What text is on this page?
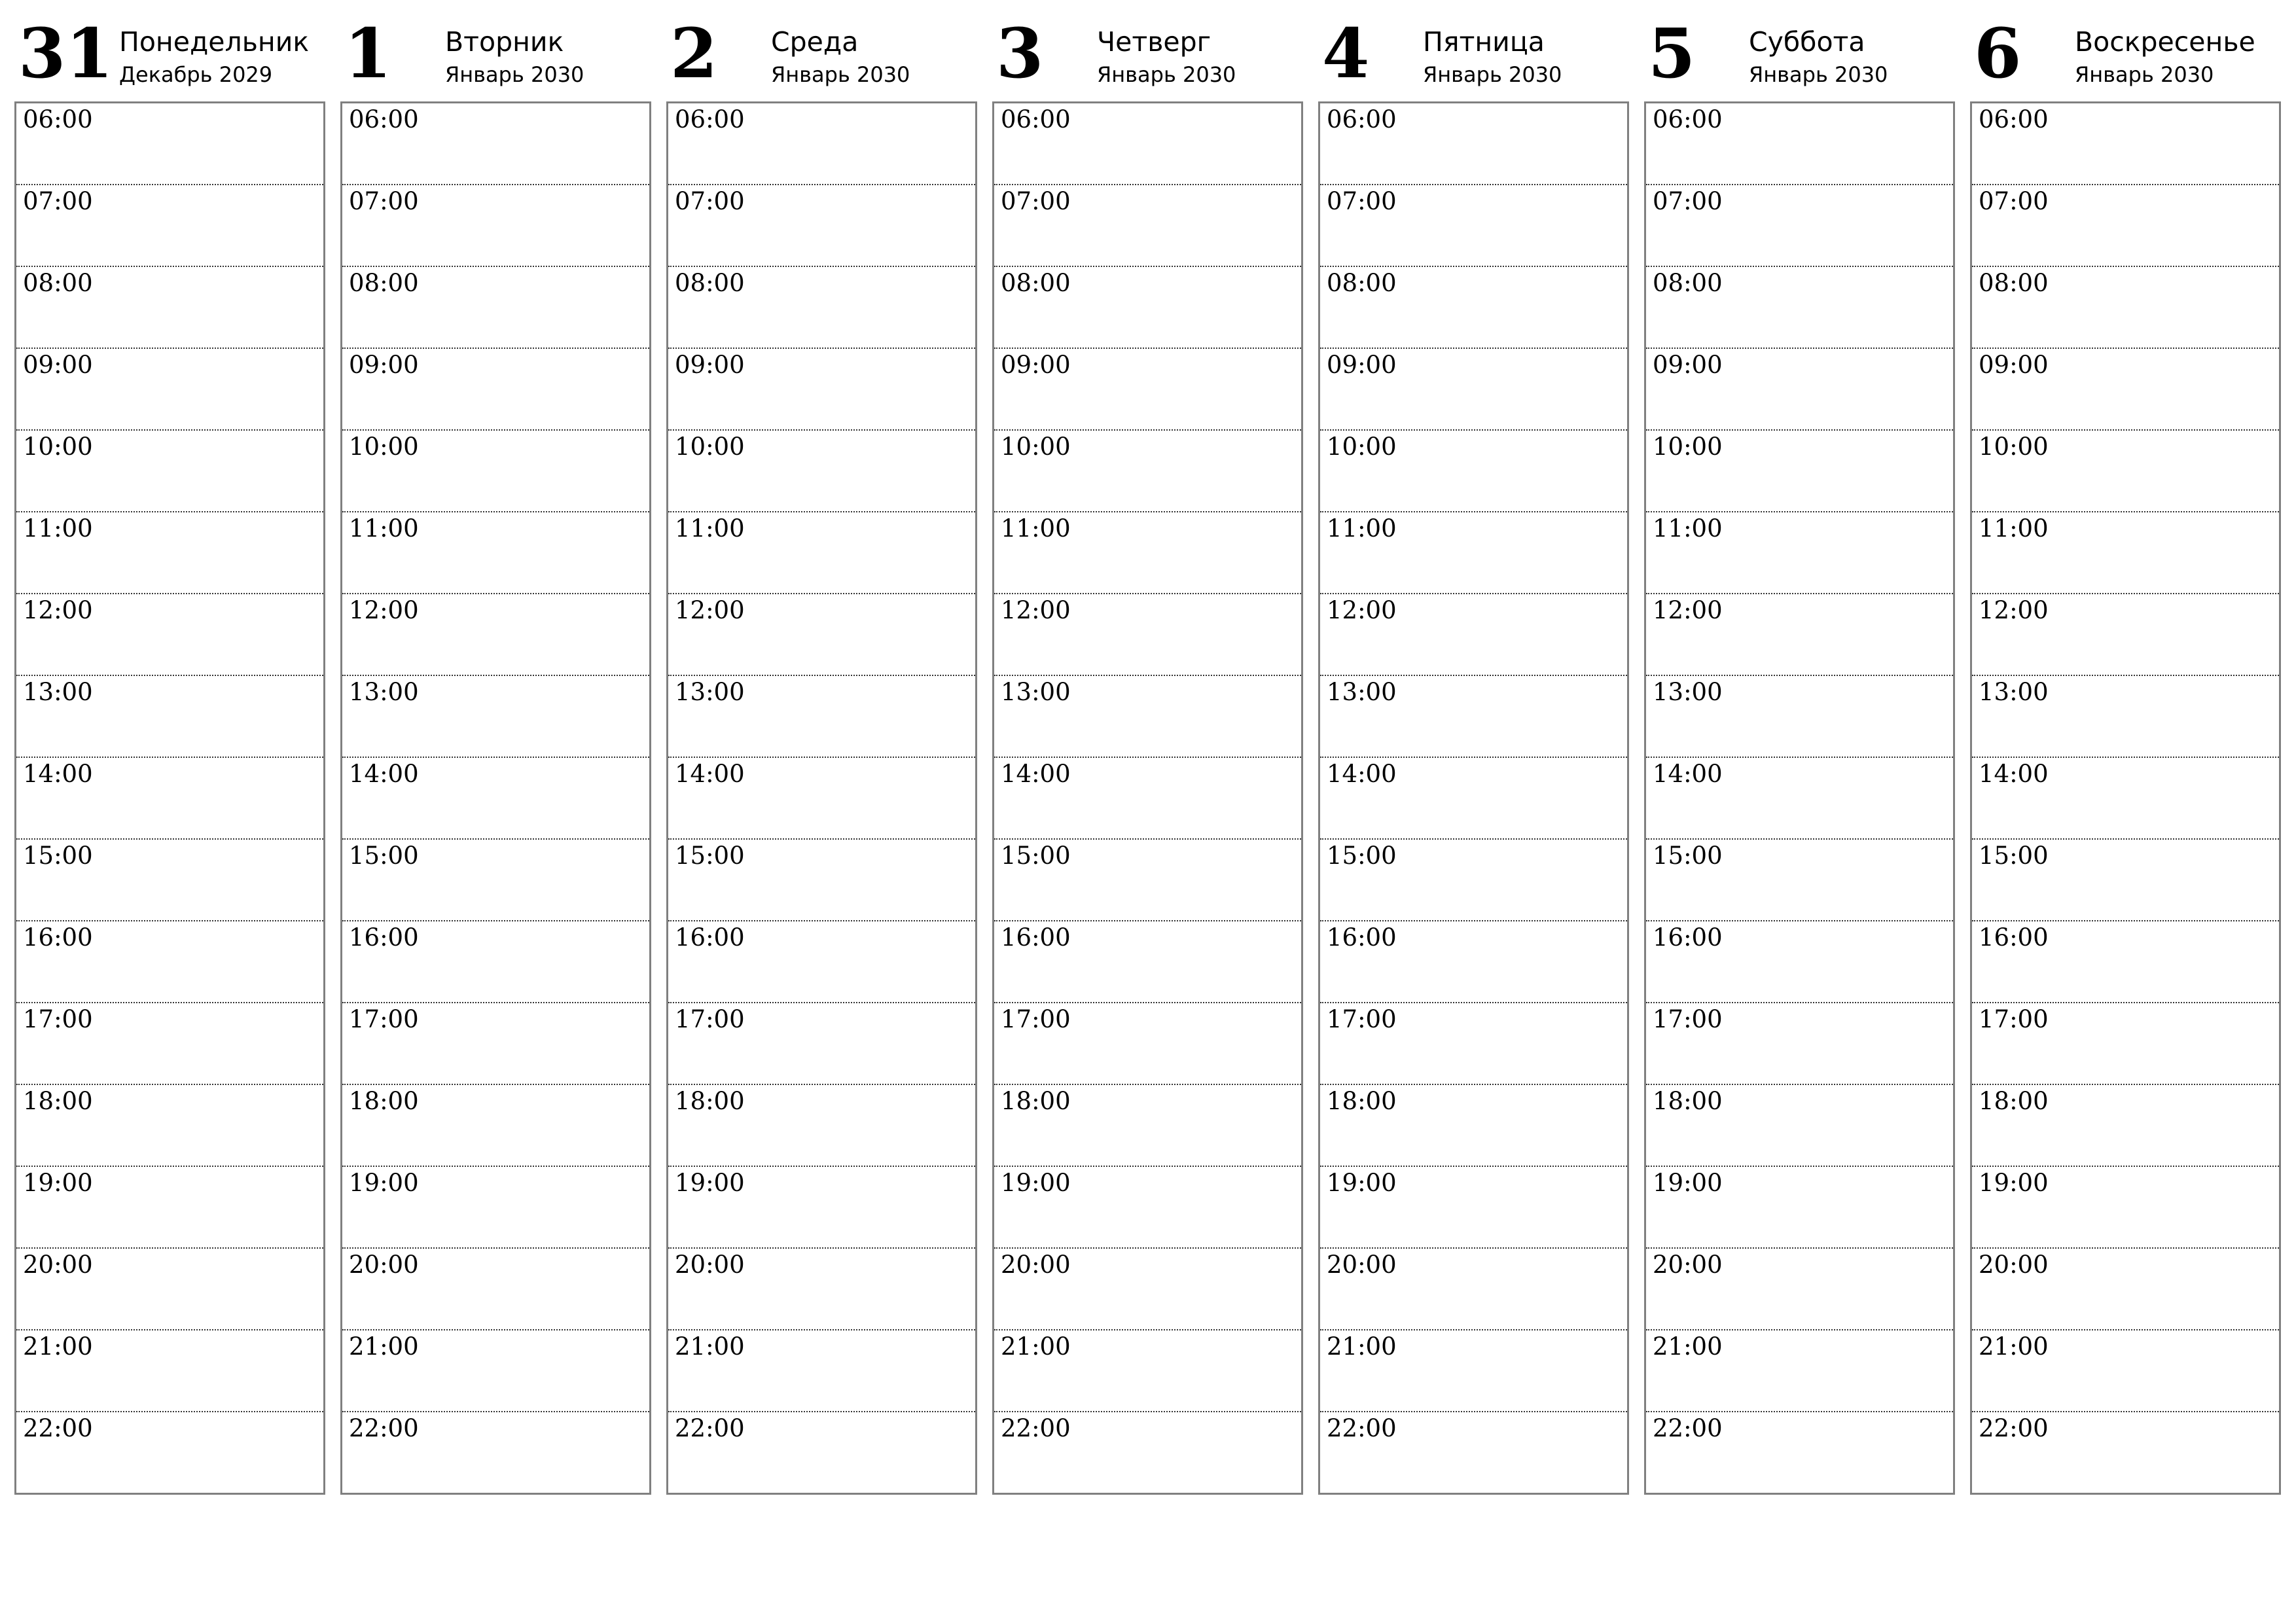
31 Понедельник
Декабрь 2029
06:00
07:00
08:00
09:00
10:00
11:00
12:00
13:00
14:00
15:00
16:00
17:00
18:00
19:00
20:00
21:00
22:00
1 Вторник
Январь 2030
06:00
07:00
08:00
09:00
10:00
11:00
12:00
13:00
14:00
15:00
16:00
17:00
18:00
19:00
20:00
21:00
22:00
2 Среда
Январь 2030
06:00
07:00
08:00
09:00
10:00
11:00
12:00
13:00
14:00
15:00
16:00
17:00
18:00
19:00
20:00
21:00
22:00
3 Четверг
Январь 2030
06:00
07:00
08:00
09:00
10:00
11:00
12:00
13:00
14:00
15:00
16:00
17:00
18:00
19:00
20:00
21:00
22:00
4 Пятница
Январь 2030
06:00
07:00
08:00
09:00
10:00
11:00
12:00
13:00
14:00
15:00
16:00
17:00
18:00
19:00
20:00
21:00
22:00
5 Суббота
Январь 2030
06:00
07:00
08:00
09:00
10:00
11:00
12:00
13:00
14:00
15:00
16:00
17:00
18:00
19:00
20:00
21:00
22:00
6 Воскресенье
Январь 2030
06:00
07:00
08:00
09:00
10:00
11:00
12:00
13:00
14:00
15:00
16:00
17:00
18:00
19:00
20:00
21:00
22:00
